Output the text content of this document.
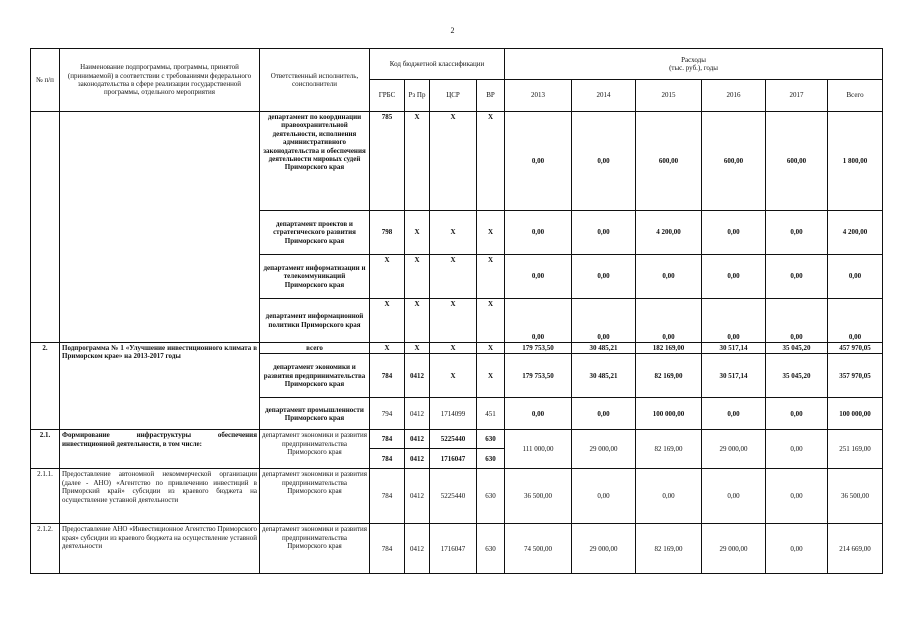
2
№ п/п	Наименование подпрограммы, программы, принятой (принимаемой) в соответствии с требованиями федерального законодательства в сфере реализации государственной программы, отдельного мероприятия	Ответственный исполнитель, соисполнители	Код бюджетной классификации				Расходы
(тыс. руб.), годы					
			ГРБС	Рз Пр	ЦСР	ВР	2013	2014	2015	2016	2017	Всего
		департамент по координации правоохранительной деятельности, исполнения административного законодательства и обеспечения деятельности мировых судей Приморского края	785	X	X	X	0,00	0,00	600,00	600,00	600,00	1 800,00
		департамент проектов и стратегического развития Приморского края	798	X	X	X	0,00	0,00	4 200,00	0,00	0,00	4 200,00
		департамент информатизации и телекоммуникаций Приморского края	X	X	X	X	0,00	0,00	0,00	0,00	0,00	0,00
		департамент информационной политики Приморского края	X	X	X	X	0,00	0,00	0,00	0,00	0,00	0,00
2.	Подпрограмма № 1 «Улучшение инвестиционного климата в Приморском крае» на 2013-2017 годы	всего	X	X	X	X	179 753,50	30 485,21	182 169,00	30 517,14	35 045,20	457 970,05
		департамент экономики и развития предпринимательства Приморского края	784	0412	X	X	179 753,50	30 485,21	82 169,00	30 517,14	35 045,20	357 970,05
		департамент промышленности Приморского края	794	0412	1714099	451	0,00	0,00	100 000,00	0,00	0,00	100 000,00
2.1.	Формирование инфраструктуры обеспечения инвестиционной деятельности, в том числе:	департамент экономики и развития предпринимательства Приморского края	784	0412	5225440	630	111 000,00	29 000,00	82 169,00	29 000,00	0,00	251 169,00
			784	0412	1716047	630						
2.1.1.	Предоставление автономной некоммерческой организации (далее - АНО) «Агентство по привлечению инвестиций в Приморский край» субсидии из краевого бюджета на осуществление уставной деятельности	департамент экономики и развития предпринимательства Приморского края	784	0412	5225440	630	36 500,00	0,00	0,00	0,00	0,00	36 500,00
2.1.2.	Предоставление АНО «Инвестиционное Агентство Приморского края» субсидии из краевого бюджета на осуществление уставной деятельности	департамент экономики и развития предпринимательства Приморского края	784	0412	1716047	630	74 500,00	29 000,00	82 169,00	29 000,00	0,00	214 669,00
